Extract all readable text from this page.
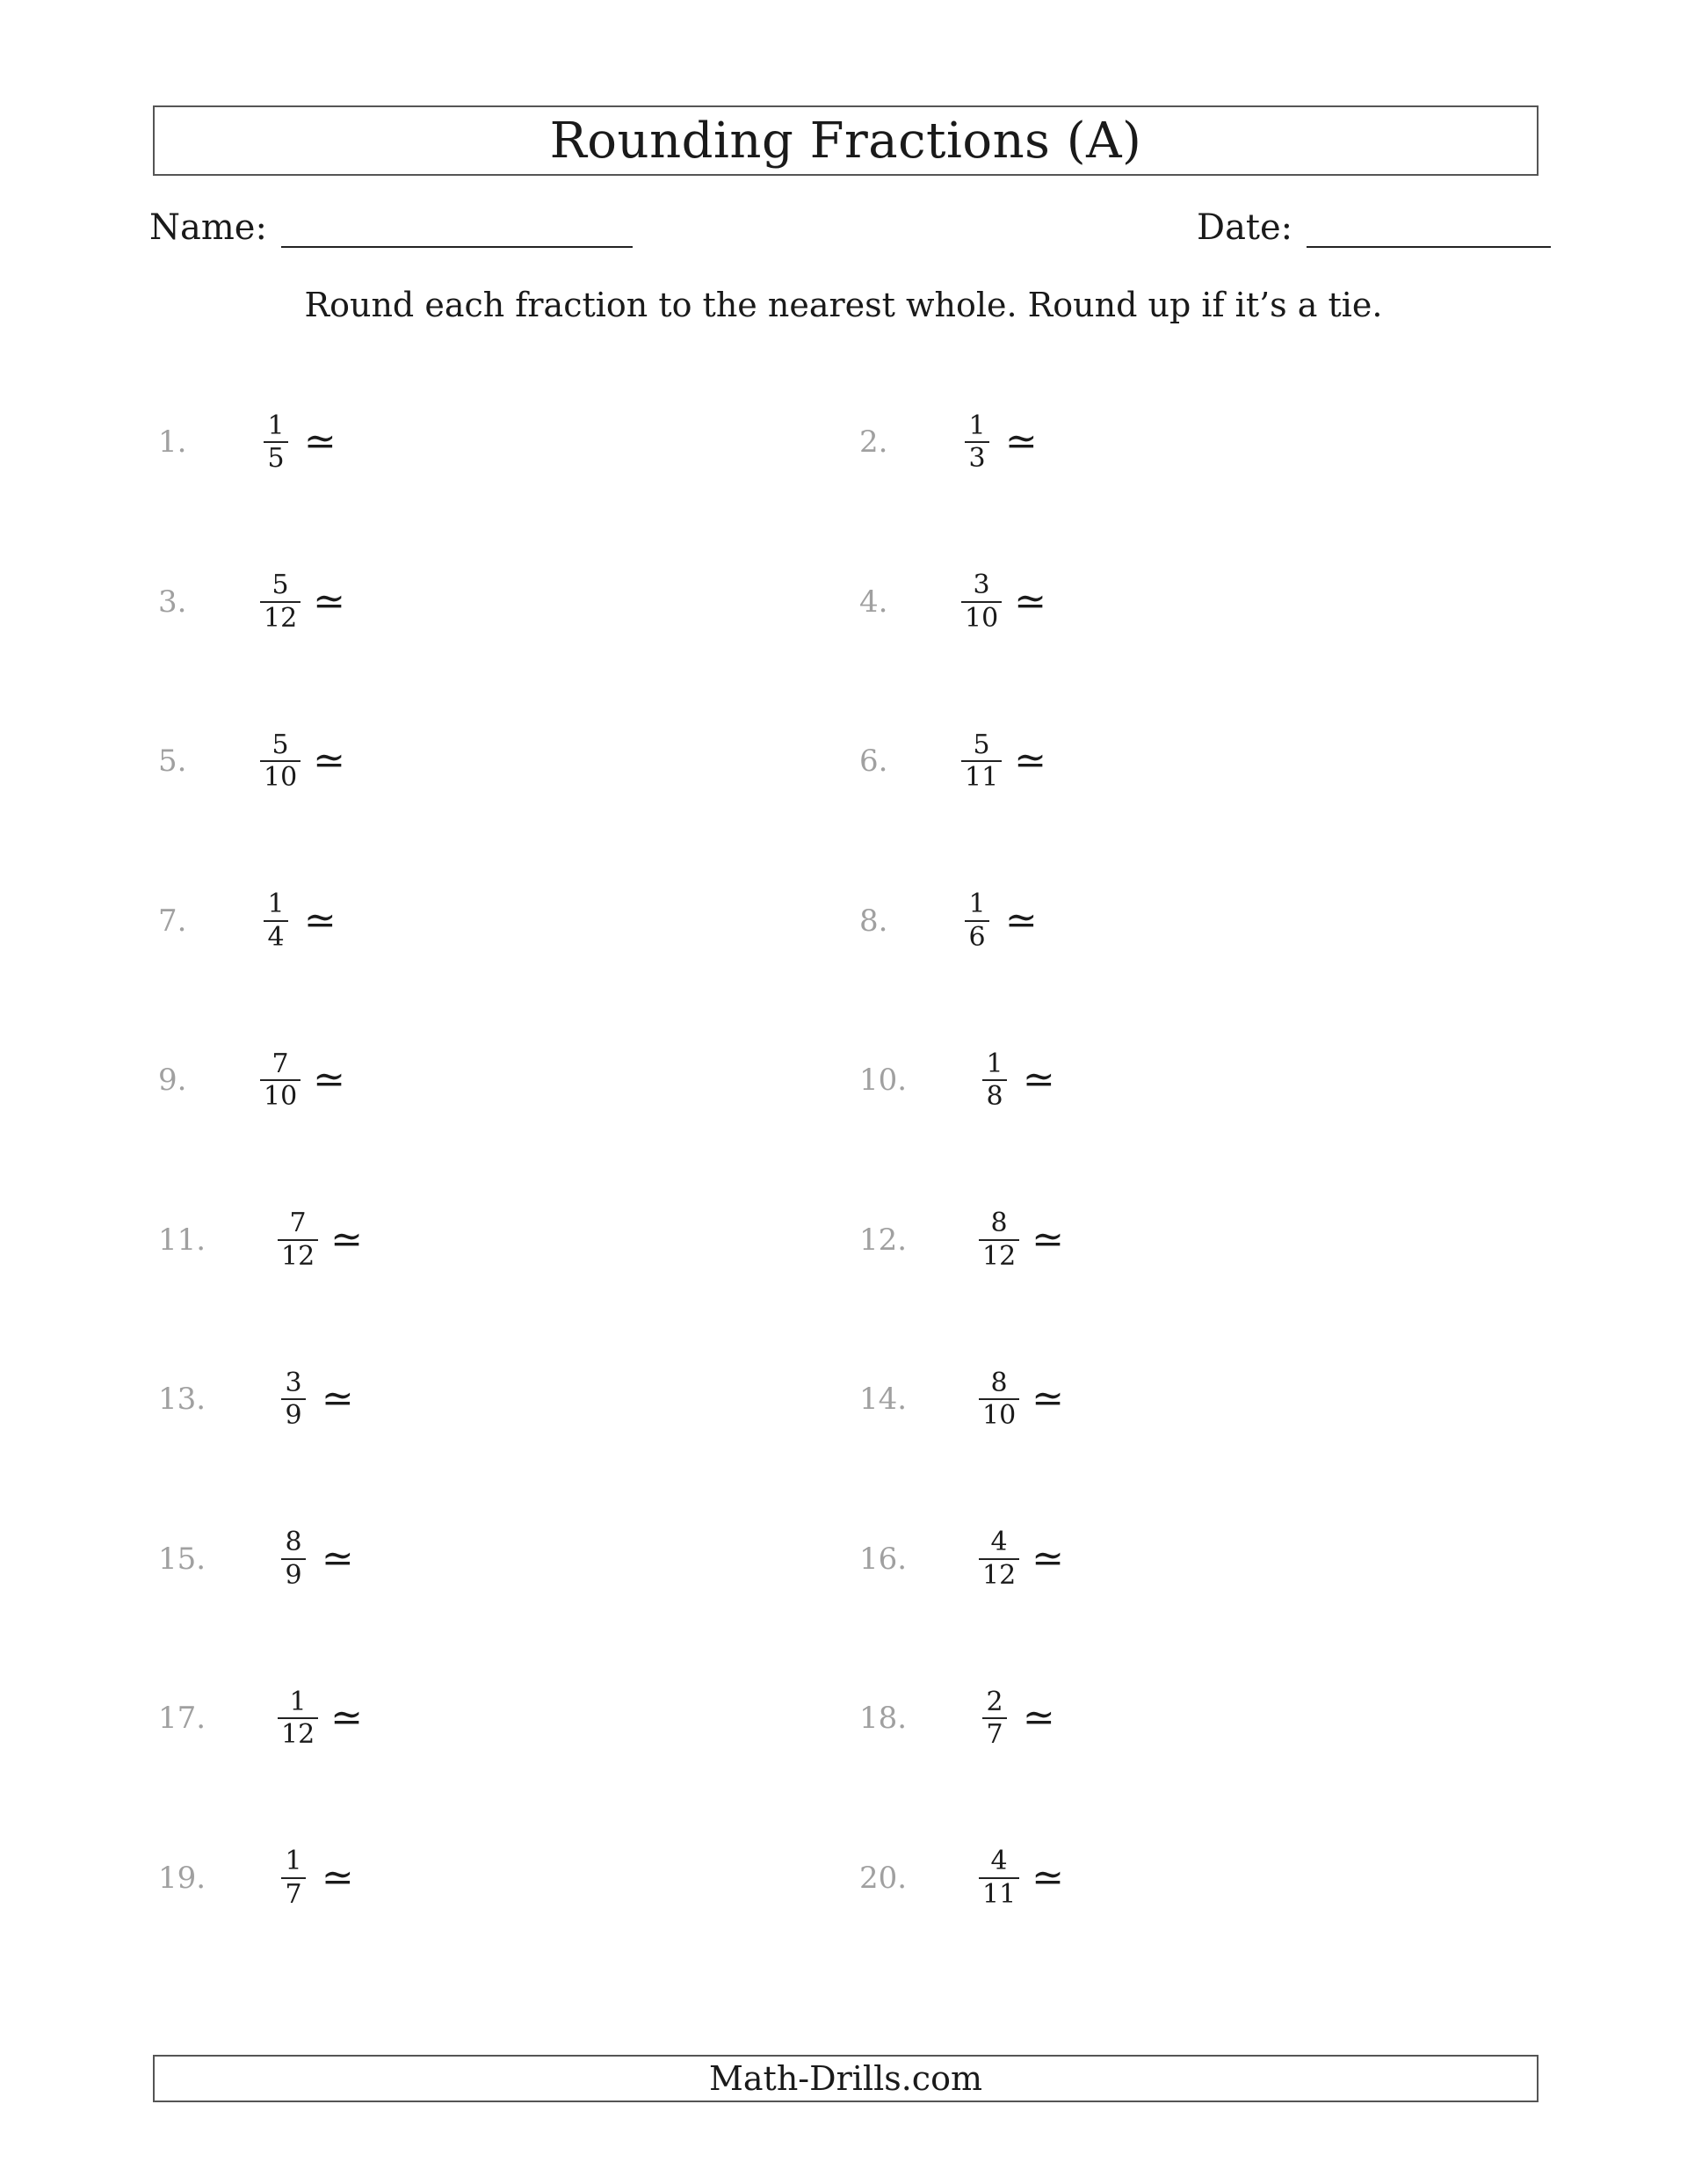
Rounding Fractions (A)
Name:	Date:
Round each fraction to the nearest whole. Round up if it’s a tie.
1.	$\frac{1}{5}$ ≃	2.	$\frac{1}{3}$ ≃
3.	$\frac{5}{12}$ ≃	4.	$\frac{3}{10}$ ≃
5.	$\frac{5}{10}$ ≃	6.	$\frac{5}{11}$ ≃
7.	$\frac{1}{4}$ ≃	8.	$\frac{1}{6}$ ≃
9.	$\frac{7}{10}$ ≃	10.	$\frac{1}{8}$ ≃
11.	$\frac{7}{12}$ ≃	12.	$\frac{8}{12}$ ≃
13.	$\frac{3}{9}$ ≃	14.	$\frac{8}{10}$ ≃
15.	$\frac{8}{9}$ ≃	16.	$\frac{4}{12}$ ≃
17.	$\frac{1}{12}$ ≃	18.	$\frac{2}{7}$ ≃
19.	$\frac{1}{7}$ ≃	20.	$\frac{4}{11}$ ≃
Math-Drills.com
